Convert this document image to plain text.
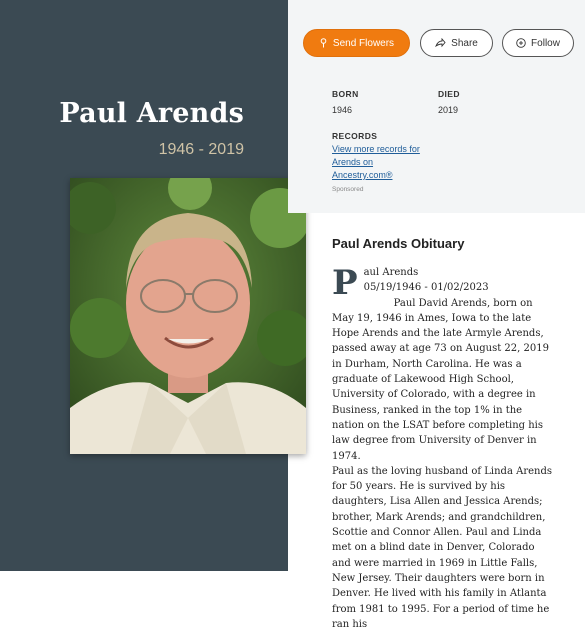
Paul Arends
1946 - 2019
Send Flowers	Share	Follow
BORN
1946
DIED
2019
RECORDS
View more records for Arends on Ancestry.com®
Sponsored
Paul Arends Obituary
P aul Arends

05/19/1946 - 01/02/2023

Paul David Arends, born on May 19, 1946 in Ames, Iowa to the late Hope Arends and the late Armyle Arends, passed away at age 73 on August 22, 2019 in Durham, North Carolina. He was a graduate of Lakewood High School, University of Colorado, with a degree in Business, ranked in the top 1% in the nation on the LSAT before completing his law degree from University of Denver in 1974.

Paul as the loving husband of Linda Arends for 50 years. He is survived by his daughters, Lisa Allen and Jessica Arends; brother, Mark Arends; and grandchildren, Scottie and Connor Allen. Paul and Linda met on a blind date in Denver, Colorado and were married in 1969 in Little Falls, New Jersey. Their daughters were born in Denver. He lived with his family in Atlanta from 1981 to 1995. For a period of time he ran his
